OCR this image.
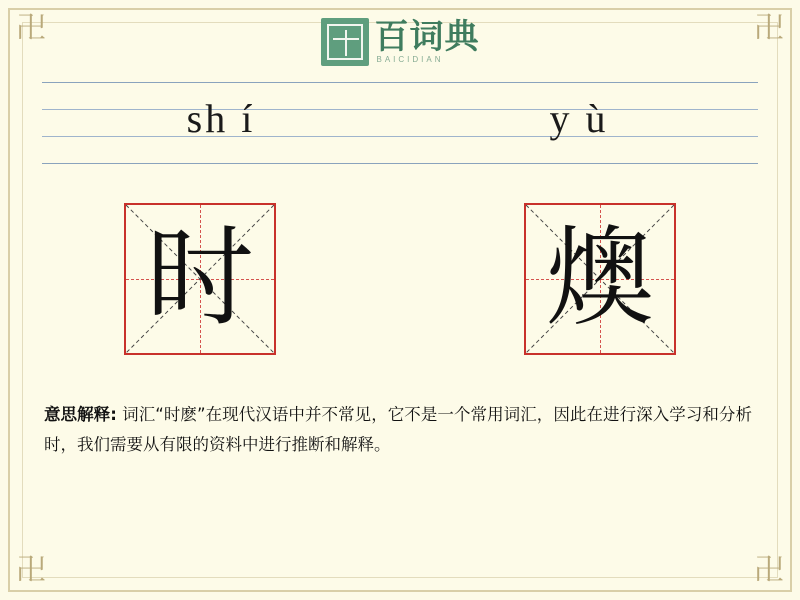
卍	卍
卍	卍
百词典
BAICIDIAN
sh í	y ù
时	燠
意思解释: 词汇“时麽”在现代汉语中并不常见，它不是一个常用词汇，因此在进行深入学习和分析时，我们需要从有限的资料中进行推断和解释。
